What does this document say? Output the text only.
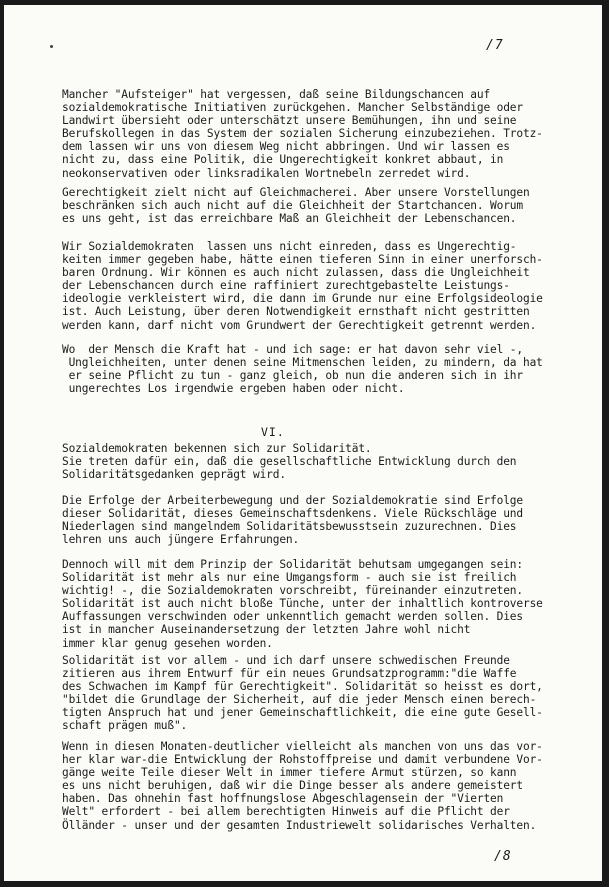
/7
/8
VI.
Mancher "Aufsteiger" hat vergessen, daß seine Bildungschancen auf
sozialdemokratische Initiativen zurückgehen. Mancher Selbständige oder
Landwirt übersieht oder unterschätzt unsere Bemühungen, ihn und seine
Berufskollegen in das System der sozialen Sicherung einzubeziehen. Trotz-
dem lassen wir uns von diesem Weg nicht abbringen. Und wir lassen es
nicht zu, dass eine Politik, die Ungerechtigkeit konkret abbaut, in
neokonservativen oder linksradikalen Wortnebeln zerredet wird.
Gerechtigkeit zielt nicht auf Gleichmacherei. Aber unsere Vorstellungen
beschränken sich auch nicht auf die Gleichheit der Startchancen. Worum
es uns geht, ist das erreichbare Maß an Gleichheit der Lebenschancen.
Wir Sozialdemokraten  lassen uns nicht einreden, dass es Ungerechtig-
keiten immer gegeben habe, hätte einen tieferen Sinn in einer unerforsch-
baren Ordnung. Wir können es auch nicht zulassen, dass die Ungleichheit
der Lebenschancen durch eine raffiniert zurechtgebastelte Leistungs-
ideologie verkleistert wird, die dann im Grunde nur eine Erfolgsideologie
ist. Auch Leistung, über deren Notwendigkeit ernsthaft nicht gestritten
werden kann, darf nicht vom Grundwert der Gerechtigkeit getrennt werden.
Wo  der Mensch die Kraft hat - und ich sage: er hat davon sehr viel -,
Ungleichheiten, unter denen seine Mitmenschen leiden, zu mindern, da hat
er seine Pflicht zu tun - ganz gleich, ob nun die anderen sich in ihr
ungerechtes Los irgendwie ergeben haben oder nicht.
Sozialdemokraten bekennen sich zur Solidarität.
Sie treten dafür ein, daß die gesellschaftliche Entwicklung durch den
Solidaritätsgedanken geprägt wird.
Die Erfolge der Arbeiterbewegung und der Sozialdemokratie sind Erfolge
dieser Solidarität, dieses Gemeinschaftsdenkens. Viele Rückschläge und
Niederlagen sind mangelndem Solidaritätsbewusstsein zuzurechnen. Dies
lehren uns auch jüngere Erfahrungen.
Dennoch will mit dem Prinzip der Solidarität behutsam umgegangen sein:
Solidarität ist mehr als nur eine Umgangsform - auch sie ist freilich
wichtig! -, die Sozialdemokraten vorschreibt, füreinander einzutreten.
Solidarität ist auch nicht bloße Tünche, unter der inhaltlich kontroverse
Auffassungen verschwinden oder unkenntlich gemacht werden sollen. Dies
ist in mancher Auseinandersetzung der letzten Jahre wohl nicht
immer klar genug gesehen worden.
Solidarität ist vor allem - und ich darf unsere schwedischen Freunde
zitieren aus ihrem Entwurf für ein neues Grundsatzprogramm:"die Waffe
des Schwachen im Kampf für Gerechtigkeit". Solidarität so heisst es dort,
"bildet die Grundlage der Sicherheit, auf die jeder Mensch einen berech-
tigten Anspruch hat und jener Gemeinschaftlichkeit, die eine gute Gesell-
schaft prägen muß".
Wenn in diesen Monaten-deutlicher vielleicht als manchen von uns das vor-
her klar war-die Entwicklung der Rohstoffpreise und damit verbundene Vor-
gänge weite Teile dieser Welt in immer tiefere Armut stürzen, so kann
es uns nicht beruhigen, daß wir die Dinge besser als andere gemeistert
haben. Das ohnehin fast hoffnungslose Abgeschlagensein der "Vierten
Welt" erfordert - bei allem berechtigten Hinweis auf die Pflicht der
Ölländer - unser und der gesamten Industriewelt solidarisches Verhalten.
